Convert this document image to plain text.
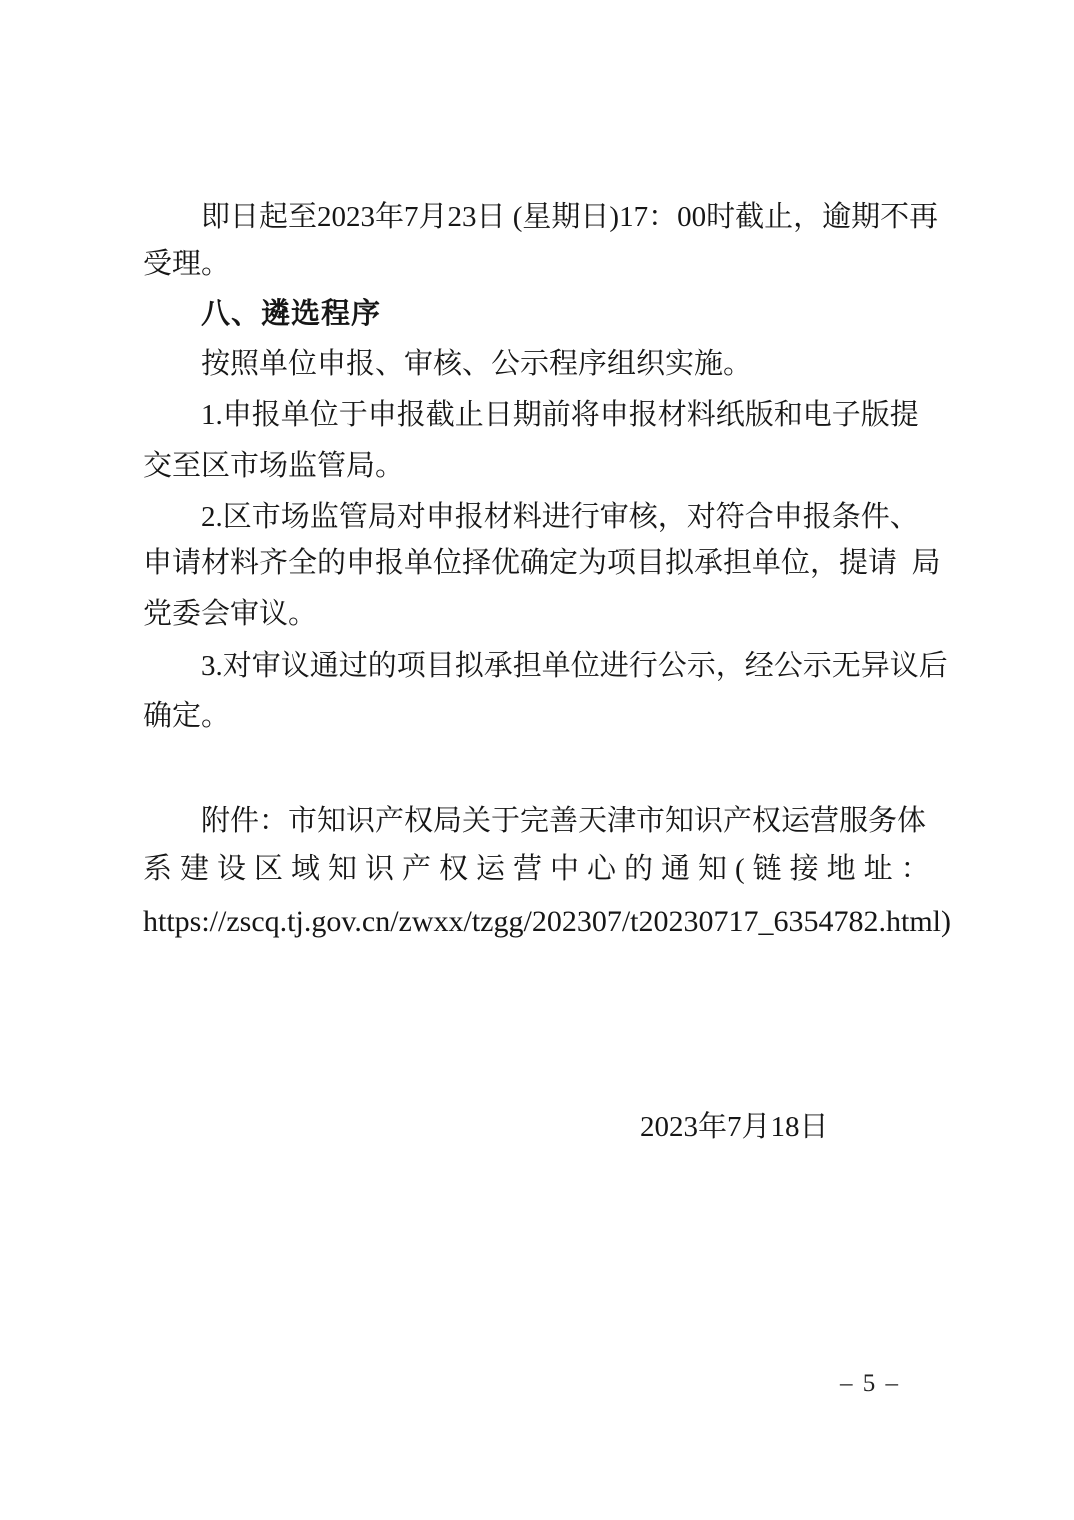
即日起至2023年7月23日 (星期日)17：00时截止，逾期不再
受理。
八、遴选程序
按照单位申报、审核、公示程序组织实施。
1.申报单位于申报截止日期前将申报材料纸版和电子版提
交至区市场监管局。
2.区市场监管局对申报材料进行审核，对符合申报条件、
申请材料齐全的申报单位择优确定为项目拟承担单位，提请  局
党委会审议。
3.对审议通过的项目拟承担单位进行公示，经公示无异议后
确定。
附件：市知识产权局关于完善天津市知识产权运营服务体
系建设区域知识产权运营中心的通知(链接地址：
https://zscq.tj.gov.cn/zwxx/tzgg/202307/t20230717_6354782.html)
2023年7月18日
– 5 –
